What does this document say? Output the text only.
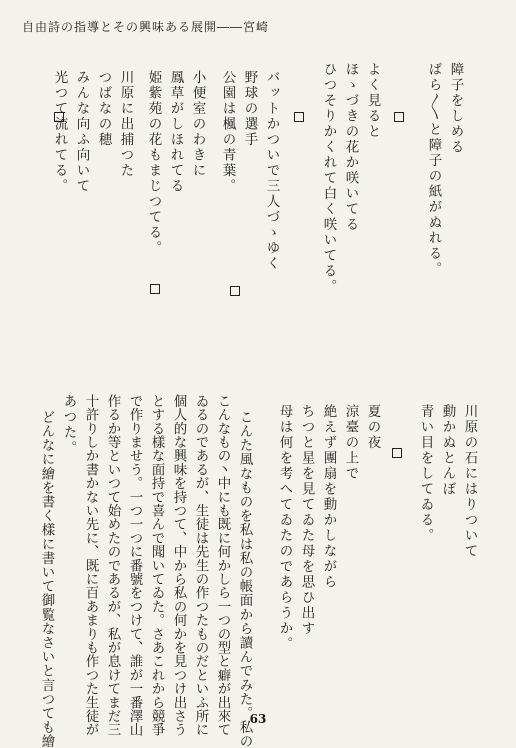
自由詩の指導とその興味ある展開――宮崎
障子をしめる
ばら〳〵と障子の紙がぬれる。
よく見ると
ほゝづきの花か咲いてる
ひつそりかくれて白く咲いてる。
バットかついで三人づゝゆく
野球の選手
公園は楓の青葉。
小便室のわきに
鳳草がしほれてる
姫紫苑の花もまじつてる。
川原に出捕つた
つばなの穂
みんな向ふ向いて
光つて流れてる。
川原の石にはりついて
動かぬとんぼ
青い目をしてゐる。
夏の夜
涼臺の上で
絶えず團扇を動かしながら
ちつと星を見てゐた母を思ひ出す
母は何を考へてゐたのであらうか。
こんた風なものを私は私の帳面から讀んでみた。私の
こんなもの丶中にも既に何かしら一つの型と癖が出來て
ゐるのであるが、生徒は先生の作つたものだといふ所に
個人的な興味を持つて、中から私の何かを見つけ出さう
とする樣な面持で喜んで聞いてゐた。さあこれから競爭
で作りませう。一つ一つに番號をつけて、誰が一番澤山
作るか等といつて始めたのであるが、私が息けてまだ三
十許りしか書かない先に、既に百あまりも作つた生徒が
あつた。
どんなに繪を書く樣に書いて御覧なさいと言つても繪	63
